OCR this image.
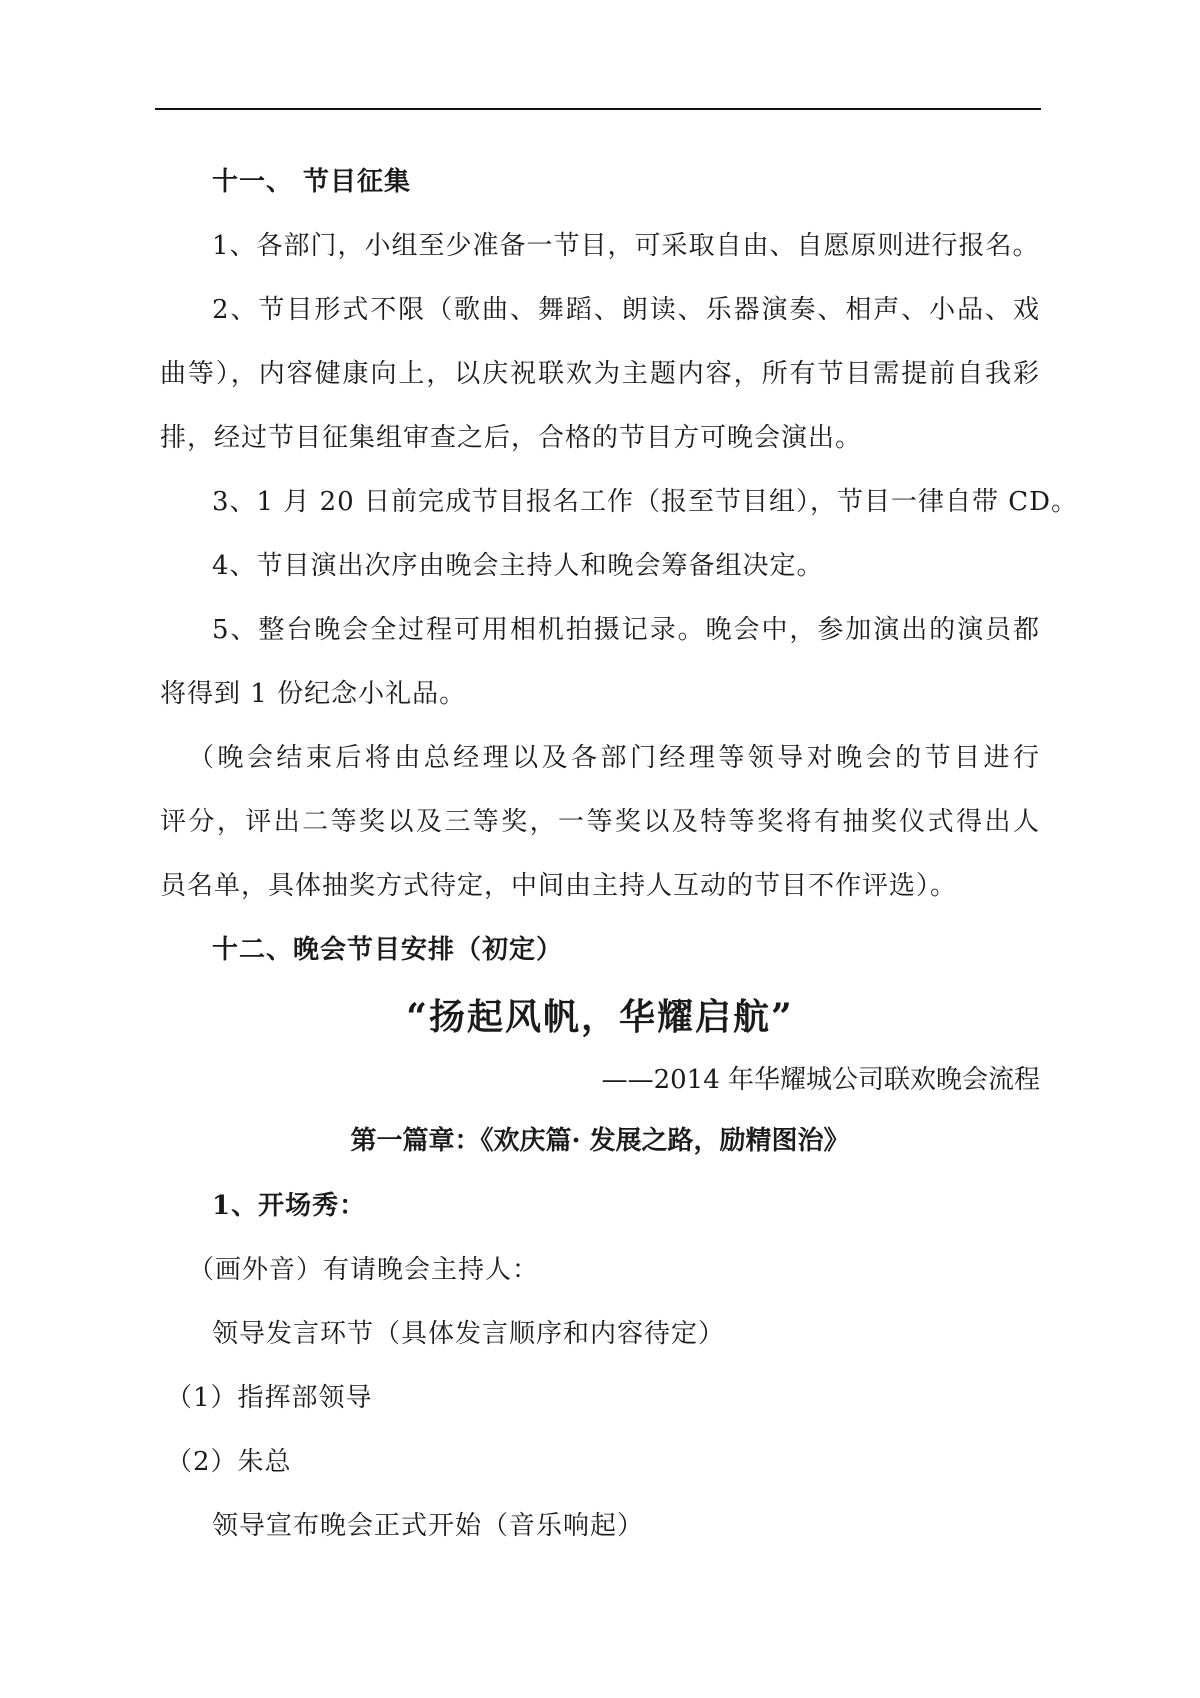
十一、 节目征集
1、各部门，小组至少准备一节目，可采取自由、自愿原则进行报名。
2、节目形式不限（歌曲、舞蹈、朗读、乐器演奏、相声、小品、戏
曲等），内容健康向上，以庆祝联欢为主题内容，所有节目需提前自我彩
排，经过节目征集组审查之后，合格的节目方可晚会演出。
3、1 月 20 日前完成节目报名工作（报至节目组），节目一律自带 CD。
4、节目演出次序由晚会主持人和晚会筹备组决定。
5、整台晚会全过程可用相机拍摄记录。晚会中，参加演出的演员都
将得到 1 份纪念小礼品。
（晚会结束后将由总经理以及各部门经理等领导对晚会的节目进行
评分，评出二等奖以及三等奖，一等奖以及特等奖将有抽奖仪式得出人
员名单，具体抽奖方式待定，中间由主持人互动的节目不作评选）。
十二、晚会节目安排（初定）
“扬起风帆，华耀启航”
——2014 年华耀城公司联欢晚会流程
第一篇章：《欢庆篇· 发展之路，励精图治》
1、开场秀：
（画外音）有请晚会主持人：
领导发言环节（具体发言顺序和内容待定）
（1）指挥部领导
（2）朱总
领导宣布晚会正式开始（音乐响起）
